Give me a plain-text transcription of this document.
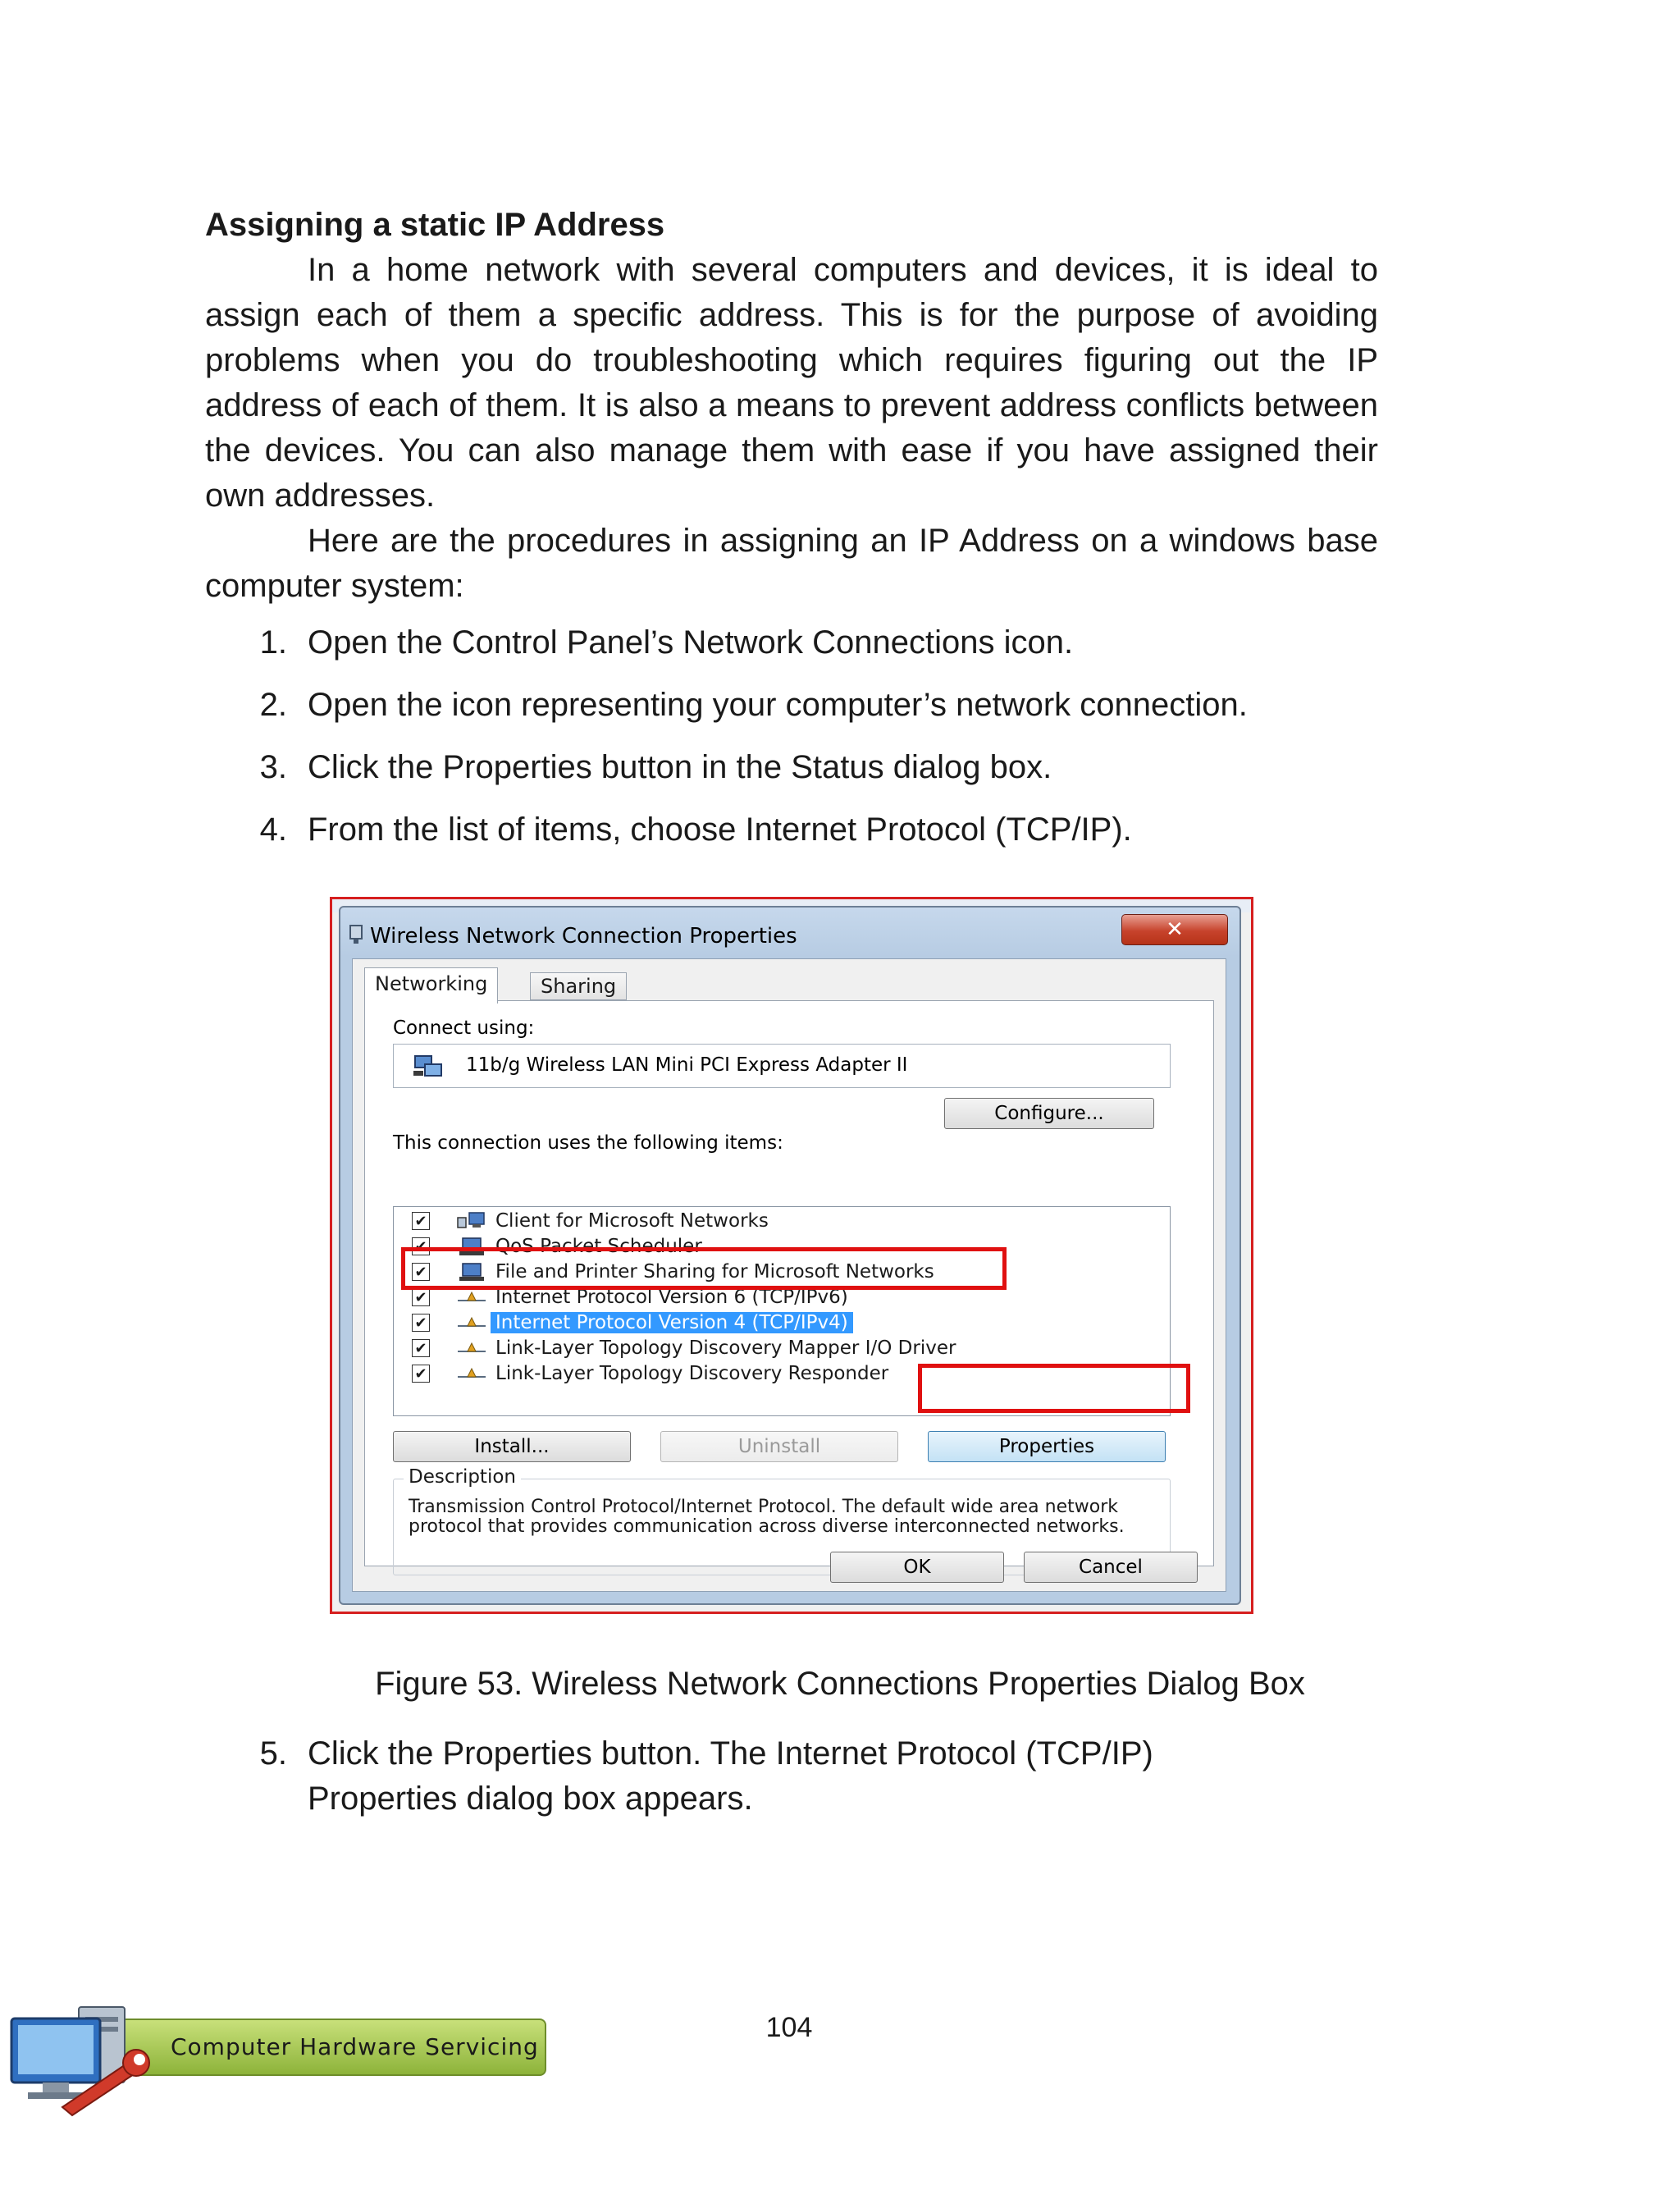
Assigning a static IP Address

In a home network with several computers and devices, it is ideal to assign each of them a specific address. This is for the purpose of avoiding problems when you do troubleshooting which requires figuring out the IP address of each of them. It is also a means to prevent address conflicts between the devices. You can also manage them with ease if you have assigned their own addresses.

Here are the procedures in assigning an IP Address on a windows base computer system:

1. Open the Control Panel’s Network Connections icon.
2. Open the icon representing your computer’s network connection.
3. Click the Properties button in the Status dialog box.
4. From the list of items, choose Internet Protocol (TCP/IP).
Wireless Network Connection Properties	✕
Networking	Sharing
Connect using:
11b/g Wireless LAN Mini PCI Express Adapter II
Configure...
This connection uses the following items:
✔	Client for Microsoft Networks
✔	QoS Packet Scheduler
✔	File and Printer Sharing for Microsoft Networks
✔	Internet Protocol Version 6 (TCP/IPv6)
✔	Internet Protocol Version 4 (TCP/IPv4)
✔	Link-Layer Topology Discovery Mapper I/O Driver
✔	Link-Layer Topology Discovery Responder
Install...	Uninstall	Properties
Description
Transmission Control Protocol/Internet Protocol. The default wide area network protocol that provides communication across diverse interconnected networks.
OK	Cancel
Figure 53. Wireless Network Connections Properties Dialog Box
5. Click the Properties button. The Internet Protocol (TCP/IP) Properties dialog box appears.
104
Computer Hardware Servicing
